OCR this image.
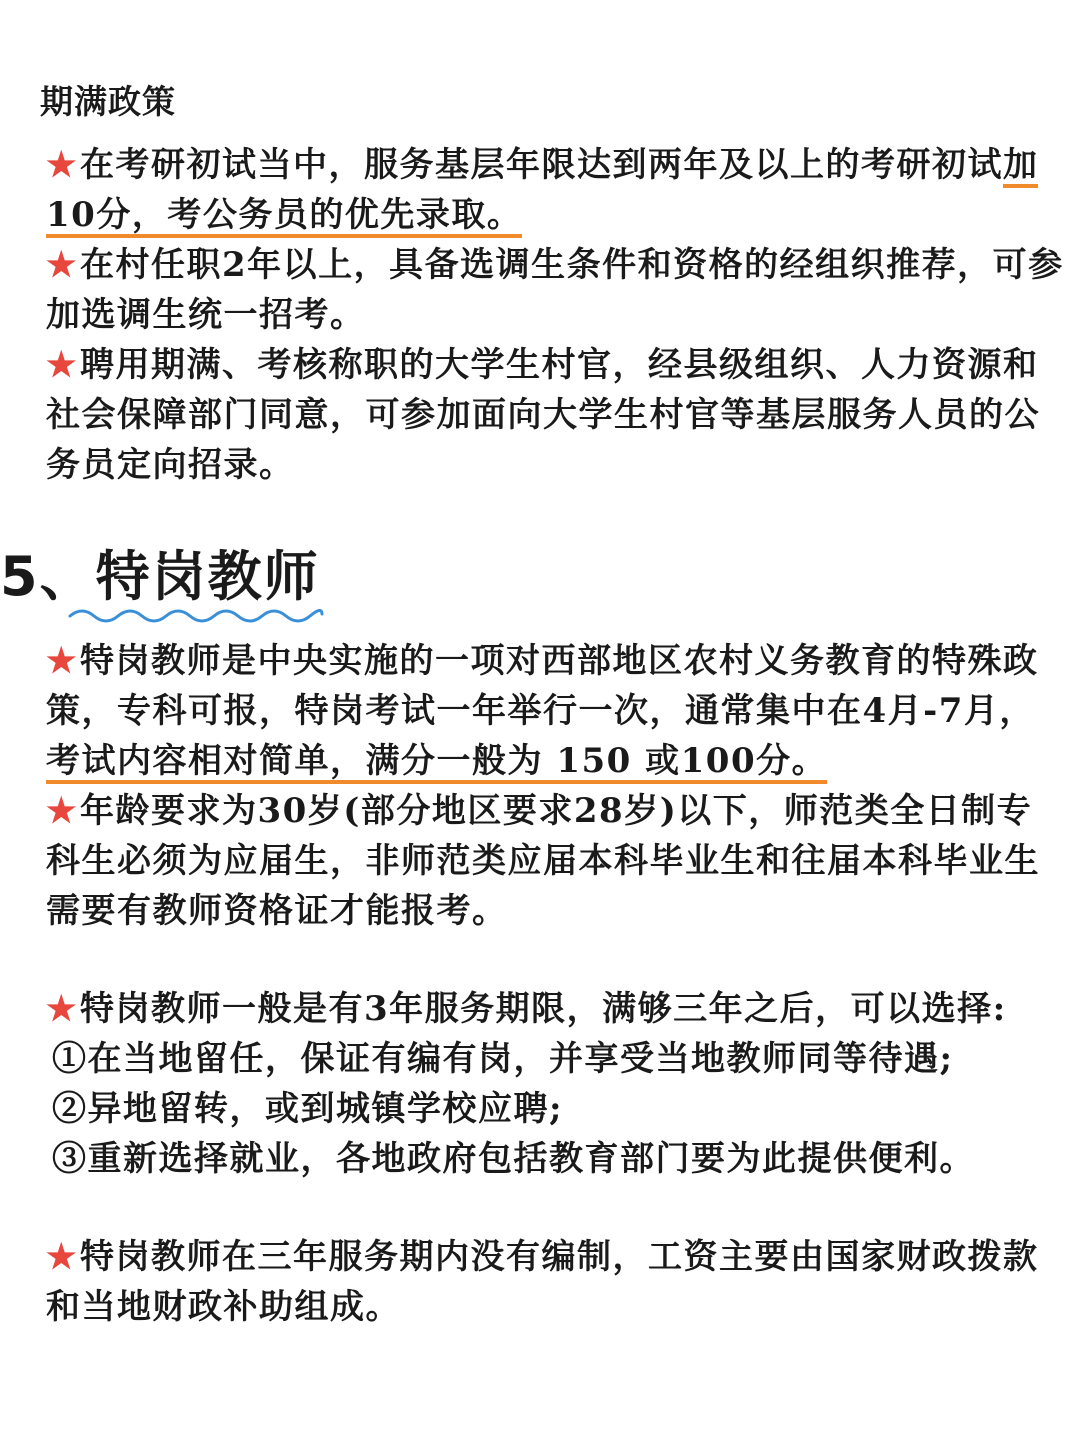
期满政策
★在考研初试当中，服务基层年限达到两年及以上的考研初试加10分，考公务员的优先录取。
★在村任职2年以上，具备选调生条件和资格的经组织推荐，可参加选调生统一招考。
★聘用期满、考核称职的大学生村官，经县级组织、人力资源和社会保障部门同意，可参加面向大学生村官等基层服务人员的公务员定向招录。
5、特岗教师
★特岗教师是中央实施的一项对西部地区农村义务教育的特殊政策，专科可报，特岗考试一年举行一次，通常集中在4月-7月，考试内容相对简单，满分一般为 150 或100分。
★年龄要求为30岁(部分地区要求28岁)以下，师范类全日制专科生必须为应届生，非师范类应届本科毕业生和往届本科毕业生需要有教师资格证才能报考。
★特岗教师一般是有3年服务期限，满够三年之后，可以选择:
①在当地留任，保证有编有岗，并享受当地教师同等待遇;
②异地留转，或到城镇学校应聘;
③重新选择就业，各地政府包括教育部门要为此提供便利。
★特岗教师在三年服务期内没有编制，工资主要由国家财政拨款和当地财政补助组成。
